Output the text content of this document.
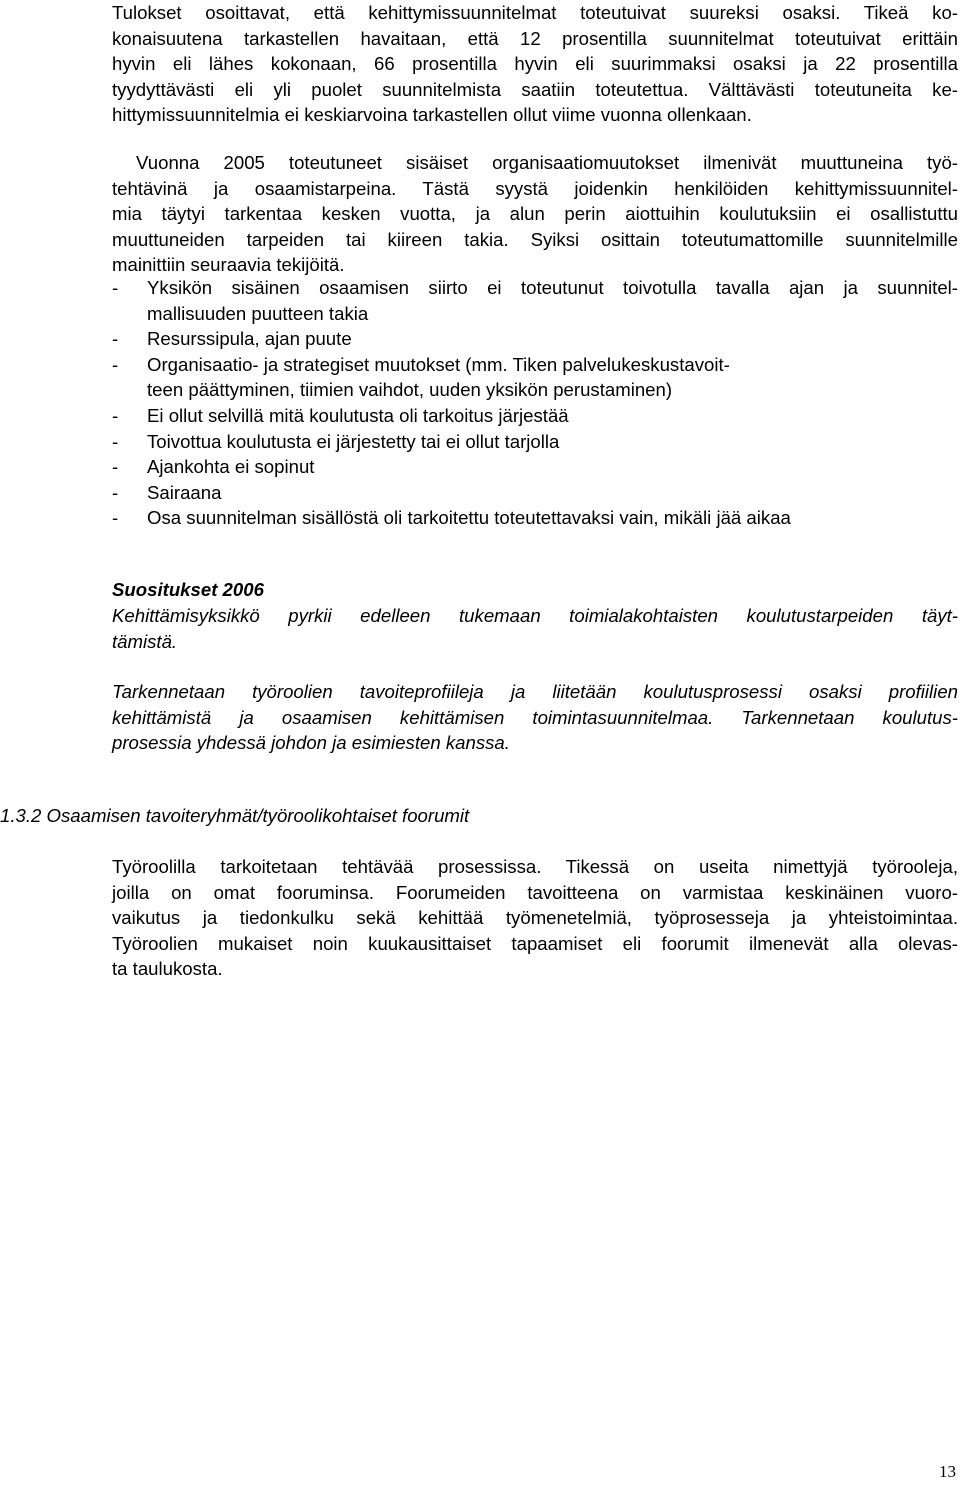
Tulokset osoittavat, että kehittymissuunnitelmat toteutuivat suureksi osaksi. Tikeä ko-
konaisuutena tarkastellen havaitaan, että 12 prosentilla suunnitelmat toteutuivat erittäin
hyvin eli lähes kokonaan, 66 prosentilla hyvin eli suurimmaksi osaksi ja 22 prosentilla
tyydyttävästi eli yli puolet suunnitelmista saatiin toteutettua. Välttävästi toteutuneita ke-
hittymissuunnitelmia ei keskiarvoina tarkastellen ollut viime vuonna ollenkaan.
Vuonna 2005 toteutuneet sisäiset organisaatiomuutokset ilmenivät muuttuneina työ-
tehtävinä ja osaamistarpeina. Tästä syystä joidenkin henkilöiden kehittymissuunnitel-
mia täytyi tarkentaa kesken vuotta, ja alun perin aiottuihin koulutuksiin ei osallistuttu
muuttuneiden tarpeiden tai kiireen takia. Syiksi osittain toteutumattomille suunnitelmille
mainittiin seuraavia tekijöitä.
- Yksikön sisäinen osaamisen siirto ei toteutunut toivotulla tavalla ajan ja suunnitel-
mallisuuden puutteen takia
- Resurssipula, ajan puute
- Organisaatio- ja strategiset muutokset (mm. Tiken palvelukeskustavoit-
teen päättyminen, tiimien vaihdot, uuden yksikön perustaminen)
- Ei ollut selvillä mitä koulutusta oli tarkoitus järjestää
- Toivottua koulutusta ei järjestetty tai ei ollut tarjolla
- Ajankohta ei sopinut
- Sairaana
- Osa suunnitelman sisällöstä oli tarkoitettu toteutettavaksi vain, mikäli jää aikaa
Suositukset 2006
Kehittämisyksikkö pyrkii edelleen tukemaan toimialakohtaisten koulutustarpeiden täyt-
tämistä.
Tarkennetaan työroolien tavoiteprofiileja ja liitetään koulutusprosessi osaksi profiilien
kehittämistä ja osaamisen kehittämisen toimintasuunnitelmaa. Tarkennetaan koulutus-
prosessia yhdessä johdon ja esimiesten kanssa.
1.3.2 Osaamisen tavoiteryhmät/työroolikohtaiset foorumit
Työroolilla tarkoitetaan tehtävää prosessissa. Tikessä on useita nimettyjä työrooleja,
joilla on omat fooruminsa. Foorumeiden tavoitteena on varmistaa keskinäinen vuoro-
vaikutus ja tiedonkulku sekä kehittää työmenetelmiä, työprosesseja ja yhteistoimintaa.
Työroolien mukaiset noin kuukausittaiset tapaamiset eli foorumit ilmenevät alla olevas-
ta taulukosta.
13
